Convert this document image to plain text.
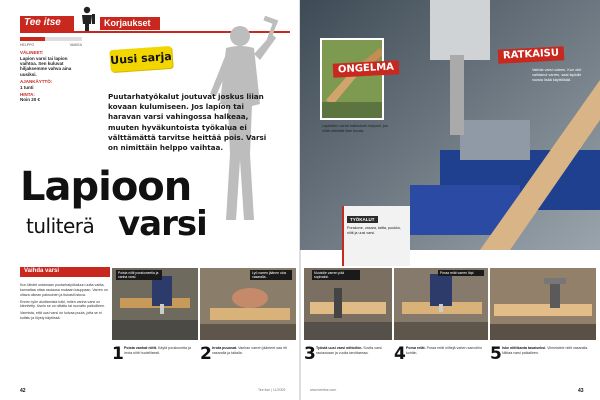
Tee itse	Korjaukset
HELPPO	VAIKEA
VÄLINEET:
Lapion varsi tai lapion vaihtoa. Sen kuluvat hiljaksemme vahva aina uusiksi.
AJANKÄYTTÖ:
1 tunti
HINTA:
Noin 20 €
Uusi sarja
Puutarhatyökalut joutuvat joskus liian kovaan kulumiseen. Jos lapion tai haravan varsi vahingossa halkeaa, muuten hyväkuntoista työkalua ei välttämättä tarvitse heittää pois. Varsi on nimittäin helppo vaihtaa.
Lapioon
tuliterä varsi
Vaihda varsi

Kun lähdet ostamaan puutarhatyökaluun uutta vartta, kannattaa ottaa rautaosa mukaan kauppaan. Varren on oltava oikean paksuinen ja tiukasti istuva.

Ennen työn aloittamista tutki, miten vanha varsi on kiinnitetty. Usein se on niitattu tai ruuvattu paikoilleen.

Varmista, että uusi varsi on kuivaa puuta, jotta se ei kutistu ja löysty käytössä.

Poista niitit porakoneella ja vanha varsi.
1 Poista vanhat niitit. Käytä porakonetta ja irrota niitit huolellisesti.
Lyö varren jäänne ulos vasaralla.
2 Irrota puuosat. Vanhan varren jäänteet saa irti vasaralla ja taltalla.
42	Tee itse | 11/2009
ONGELMA
RATKAISU
Lapioiden varret katkeavat helposti, jos niillä vääntää liian kovaa.
Vaihda varsi uuteen. Kun olet vaihtanut varren, saat lapiolle vuosia lisää käyttöikää.
TYÖKALUT
Porakone, vasara, taltta, puukko, niitit ja uusi varsi.
Muotoile varren pää sopivaksi.
3 Työstä uusi varsi mittoihin. Sovita varsi rautaosaan ja vuolla tarvittaessa.
Poraa reiät varren läpi.
4 Porsa reiät. Poraa reiät niittejä varten samoihin kohtiin.	5 Iske niittikanta tasaiseksi. Viimeistele niitit vasaralla. Niittaa varsi paikalleen.
www.teeitse.com	43
